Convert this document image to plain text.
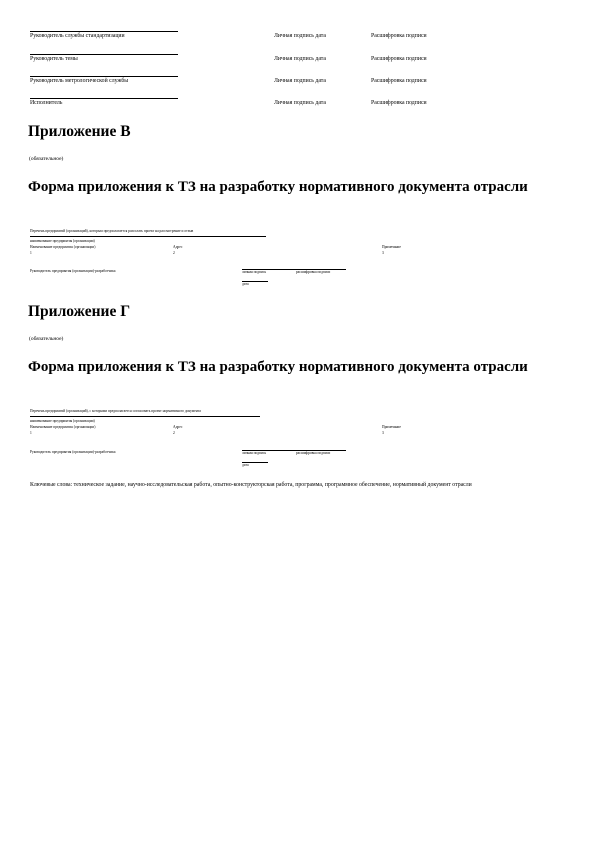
Руководитель службы стандартизации	Личная подпись дата	Расшифровка подписи
Руководитель темы	Личная подпись дата	Расшифровка подписи
Руководитель метрологической службы	Личная подпись дата	Расшифровка подписи
Исполнитель	Личная подпись дата	Расшифровка подписи
Приложение В
(обязательное)
Форма приложения к ТЗ на разработку нормативного документа отрасли
Перечень предприятий (организаций), которым предполагается разослать проект на рассмотрение и отзыв
наименование предприятия (организации)
Наименование предприятия (организации)	Адрес	Примечание
1	2	3
Руководитель предприятия (организации)-разработчика	личная подпись	расшифровка подписи
дата
Приложение Г
(обязательное)
Форма приложения к ТЗ на разработку нормативного документа отрасли
Перечень предприятий (организаций), с которыми предполагается согласовать проект нормативного документа
наименование предприятия (организации)
Наименование предприятия (организации)	Адрес	Примечание
1	2	3
Руководитель предприятия (организации)-разработчика	личная подпись	расшифровка подписи
дата
Ключевые слова: техническое задание, научно-исследовательская работа, опытно-конструкторская работа, программа, программное обеспечение, нормативный документ отрасли
